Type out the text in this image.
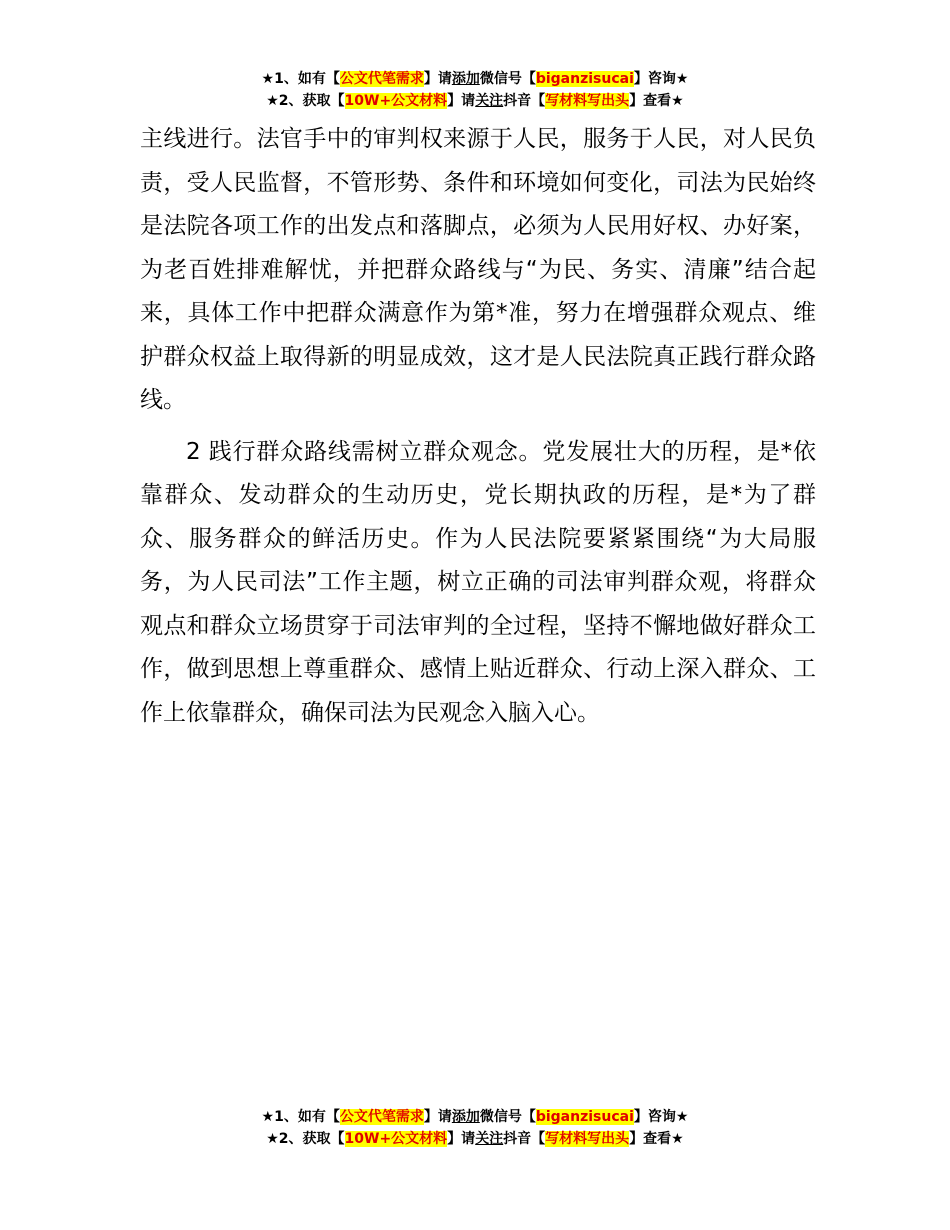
★1、如有【公文代笔需求】请添加微信号【biganzisucai】咨询★
★2、获取【10W+公文材料】请关注抖音【写材料写出头】查看★

主线进行。法官手中的审判权来源于人民，服务于人民，对人民负责，受人民监督，不管形势、条件和环境如何变化，司法为民始终是法院各项工作的出发点和落脚点，必须为人民用好权、办好案，为老百姓排难解忧，并把群众路线与“为民、务实、清廉”结合起来，具体工作中把群众满意作为第*准，努力在增强群众观点、维护群众权益上取得新的明显成效，这才是人民法院真正践行群众路线。

2 践行群众路线需树立群众观念。党发展壮大的历程，是*依靠群众、发动群众的生动历史，党长期执政的历程，是*为了群众、服务群众的鲜活历史。作为人民法院要紧紧围绕“为大局服务，为人民司法”工作主题，树立正确的司法审判群众观，将群众观点和群众立场贯穿于司法审判的全过程，坚持不懈地做好群众工作，做到思想上尊重群众、感情上贴近群众、行动上深入群众、工作上依靠群众，确保司法为民观念入脑入心。

★1、如有【公文代笔需求】请添加微信号【biganzisucai】咨询★
★2、获取【10W+公文材料】请关注抖音【写材料写出头】查看★
